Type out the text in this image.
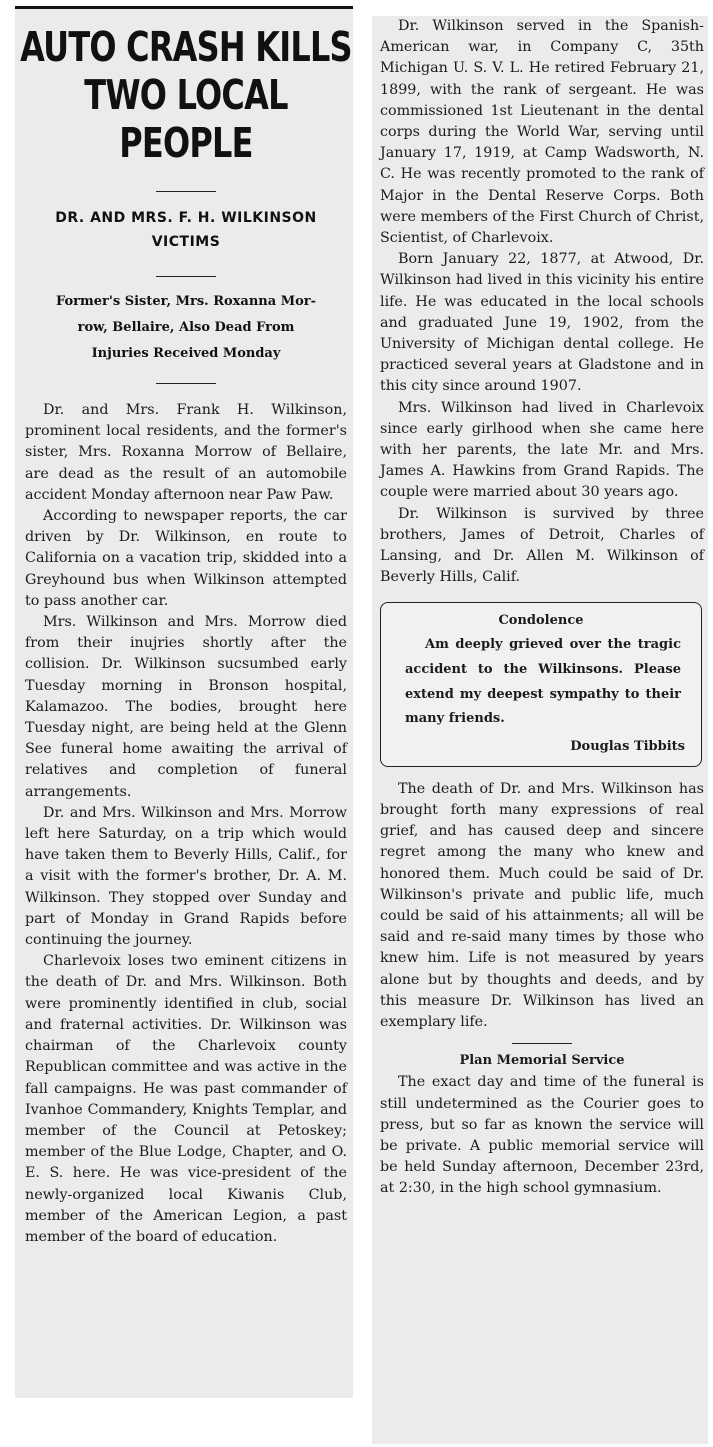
AUTO CRASH KILLS
TWO LOCAL PEOPLE
DR. AND MRS. F. H. WILKINSON
VICTIMS
Former's Sister, Mrs. Roxanna Mor-
row, Bellaire, Also Dead From
Injuries Received Monday

Dr. and Mrs. Frank H. Wilkinson, prominent local residents, and the former's sister, Mrs. Roxanna Morrow of Bellaire, are dead as the result of an automobile accident Monday afternoon near Paw Paw.

According to newspaper reports, the car driven by Dr. Wilkinson, en route to California on a vacation trip, skidded into a Greyhound bus when Wilkinson attempted to pass another car.

Mrs. Wilkinson and Mrs. Morrow died from their inujries shortly after the collision. Dr. Wilkinson sucsumbed early Tuesday morning in Bronson hospital, Kalamazoo. The bodies, brought here Tuesday night, are being held at the Glenn See funeral home awaiting the arrival of relatives and completion of funeral arrangements.

Dr. and Mrs. Wilkinson and Mrs. Morrow left here Saturday, on a trip which would have taken them to Beverly Hills, Calif., for a visit with the former's brother, Dr. A. M. Wilkinson. They stopped over Sunday and part of Monday in Grand Rapids before continuing the journey.

Charlevoix loses two eminent citizens in the death of Dr. and Mrs. Wilkinson. Both were prominently identified in club, social and fraternal activities. Dr. Wilkinson was chairman of the Charlevoix county Republican committee and was active in the fall campaigns. He was past commander of Ivanhoe Commandery, Knights Templar, and member of the Council at Petoskey; member of the Blue Lodge, Chapter, and O. E. S. here. He was vice-president of the newly-organized local Kiwanis Club, member of the American Legion, a past member of the board of education.

Dr. Wilkinson served in the Spanish-American war, in Company C, 35th Michigan U. S. V. L. He retired February 21, 1899, with the rank of sergeant. He was commissioned 1st Lieutenant in the dental corps during the World War, serving until January 17, 1919, at Camp Wadsworth, N. C. He was recently promoted to the rank of Major in the Dental Reserve Corps. Both were members of the First Church of Christ, Scientist, of Charlevoix.

Born January 22, 1877, at Atwood, Dr. Wilkinson had lived in this vicinity his entire life. He was educated in the local schools and graduated June 19, 1902, from the University of Michigan dental college. He practiced several years at Gladstone and in this city since around 1907.

Mrs. Wilkinson had lived in Charlevoix since early girlhood when she came here with her parents, the late Mr. and Mrs. James A. Hawkins from Grand Rapids. The couple were married about 30 years ago.

Dr. Wilkinson is survived by three brothers, James of Detroit, Charles of Lansing, and Dr. Allen M. Wilkinson of Beverly Hills, Calif.

Condolence
Am deeply grieved over the tragic accident to the Wilkinsons. Please extend my deepest sympathy to their many friends.
Douglas Tibbits

The death of Dr. and Mrs. Wilkinson has brought forth many expressions of real grief, and has caused deep and sincere regret among the many who knew and honored them. Much could be said of Dr. Wilkinson's private and public life, much could be said of his attainments; all will be said and re-said many times by those who knew him. Life is not measured by years alone but by thoughts and deeds, and by this measure Dr. Wilkinson has lived an exemplary life.

Plan Memorial Service

The exact day and time of the funeral is still undetermined as the Courier goes to press, but so far as known the service will be private. A public memorial service will be held Sunday afternoon, December 23rd, at 2:30, in the high school gymnasium.
